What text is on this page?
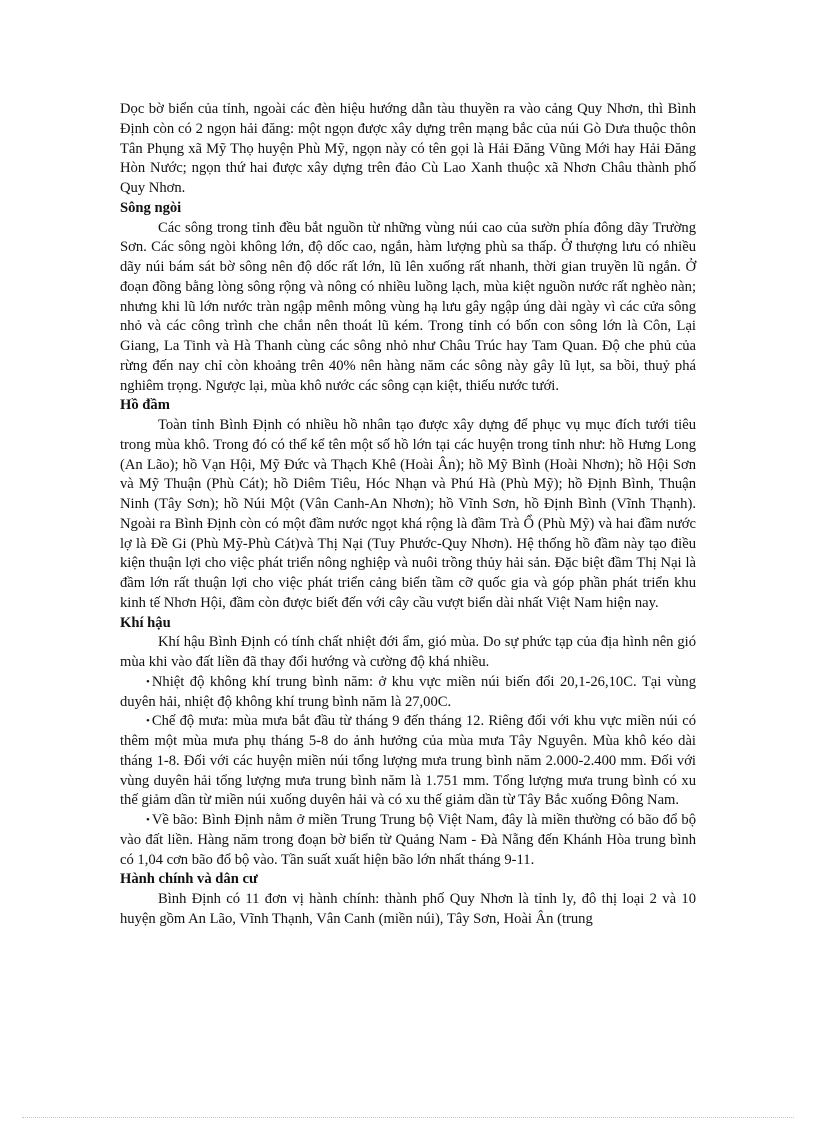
Dọc bờ biển của tỉnh, ngoài các đèn hiệu hướng dẫn tàu thuyền ra vào cảng Quy Nhơn, thì Bình Định còn có 2 ngọn hải đăng: một ngọn được xây dựng trên mạng bắc của núi Gò Dưa thuộc thôn Tân Phụng xã Mỹ Thọ huyện Phù Mỹ, ngọn này có tên gọi là Hải Đăng Vũng Mới hay Hải Đăng Hòn Nước; ngọn thứ hai được xây dựng trên đảo Cù Lao Xanh thuộc xã Nhơn Châu thành phố Quy Nhơn.

Sông ngòi

Các sông trong tỉnh đều bắt nguồn từ những vùng núi cao của sườn phía đông dãy Trường Sơn. Các sông ngòi không lớn, độ dốc cao, ngắn, hàm lượng phù sa thấp. Ở thượng lưu có nhiều dãy núi bám sát bờ sông nên độ dốc rất lớn, lũ lên xuống rất nhanh, thời gian truyền lũ ngắn. Ở đoạn đồng bằng lòng sông rộng và nông có nhiều luồng lạch, mùa kiệt nguồn nước rất nghèo nàn; nhưng khi lũ lớn nước tràn ngập mênh mông vùng hạ lưu gây ngập úng dài ngày vì các cửa sông nhỏ và các công trình che chắn nên thoát lũ kém. Trong tỉnh có bốn con sông lớn là Côn, Lại Giang, La Tinh và Hà Thanh cùng các sông nhỏ như Châu Trúc hay Tam Quan. Độ che phủ của rừng đến nay chỉ còn khoảng trên 40% nên hàng năm các sông này gây lũ lụt, sa bồi, thuỷ phá nghiêm trọng. Ngược lại, mùa khô nước các sông cạn kiệt, thiếu nước tưới.

Hồ đầm

Toàn tỉnh Bình Định có nhiều hồ nhân tạo được xây dựng để phục vụ mục đích tưới tiêu trong mùa khô. Trong đó có thể kể tên một số hồ lớn tại các huyện trong tỉnh như: hồ Hưng Long (An Lão); hồ Vạn Hội, Mỹ Đức và Thạch Khê (Hoài Ân); hồ Mỹ Bình (Hoài Nhơn); hồ Hội Sơn và Mỹ Thuận (Phù Cát); hồ Diêm Tiêu, Hóc Nhạn và Phú Hà (Phù Mỹ); hồ Định Bình, Thuận Ninh (Tây Sơn); hồ Núi Một (Vân Canh-An Nhơn); hồ Vĩnh Sơn, hồ Định Bình (Vĩnh Thạnh). Ngoài ra Bình Định còn có một đầm nước ngọt khá rộng là đầm Trà Ổ (Phù Mỹ) và hai đầm nước lợ là Đề Gi (Phù Mỹ-Phù Cát)và Thị Nại (Tuy Phước-Quy Nhơn). Hệ thống hồ đầm này tạo điều kiện thuận lợi cho việc phát triển nông nghiệp và nuôi trồng thủy hải sản. Đặc biệt đầm Thị Nại là đầm lớn rất thuận lợi cho việc phát triển cảng biển tầm cỡ quốc gia và góp phần phát triển khu kinh tế Nhơn Hội, đầm còn được biết đến với cây cầu vượt biển dài nhất Việt Nam hiện nay.

Khí hậu

Khí hậu Bình Định có tính chất nhiệt đới ẩm, gió mùa. Do sự phức tạp của địa hình nên gió mùa khi vào đất liền đã thay đổi hướng và cường độ khá nhiều.

• Nhiệt độ không khí trung bình năm: ở khu vực miền núi biến đổi 20,1-26,10C. Tại vùng duyên hải, nhiệt độ không khí trung bình năm là 27,00C.

• Chế độ mưa: mùa mưa bắt đầu từ tháng 9 đến tháng 12. Riêng đối với khu vực miền núi có thêm một mùa mưa phụ tháng 5-8 do ảnh hưởng của mùa mưa Tây Nguyên. Mùa khô kéo dài tháng 1-8. Đối với các huyện miền núi tổng lượng mưa trung bình năm 2.000-2.400 mm. Đối với vùng duyên hải tổng lượng mưa trung bình năm là 1.751 mm. Tổng lượng mưa trung bình có xu thế giảm dần từ miền núi xuống duyên hải và có xu thế giảm dần từ Tây Bắc xuống Đông Nam.

• Về bão: Bình Định nằm ở miền Trung Trung bộ Việt Nam, đây là miền thường có bão đổ bộ vào đất liền. Hàng năm trong đoạn bờ biển từ Quảng Nam - Đà Nẵng đến Khánh Hòa trung bình có 1,04 cơn bão đổ bộ vào. Tần suất xuất hiện bão lớn nhất tháng 9-11.

Hành chính và dân cư

Bình Định có 11 đơn vị hành chính: thành phố Quy Nhơn là tỉnh ly, đô thị loại 2 và 10 huyện gồm An Lão, Vĩnh Thạnh, Vân Canh (miền núi), Tây Sơn, Hoài Ân (trung
